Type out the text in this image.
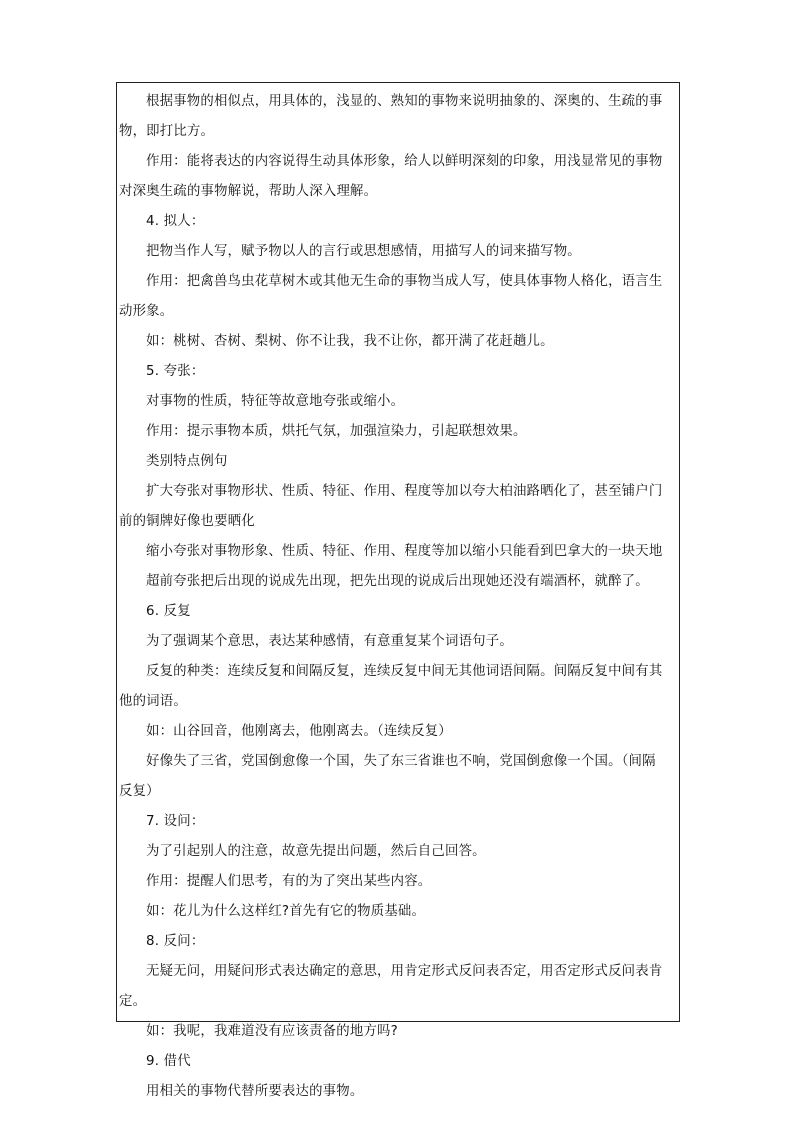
根据事物的相似点，用具体的，浅显的、熟知的事物来说明抽象的、深奥的、生疏的事
物，即打比方。
作用：能将表达的内容说得生动具体形象，给人以鲜明深刻的印象，用浅显常见的事物
对深奥生疏的事物解说，帮助人深入理解。
4. 拟人：
把物当作人写，赋予物以人的言行或思想感情，用描写人的词来描写物。
作用：把禽兽鸟虫花草树木或其他无生命的事物当成人写，使具体事物人格化，语言生
动形象。
如：桃树、杏树、梨树、你不让我，我不让你，都开满了花赶趟儿。
5. 夸张：
对事物的性质，特征等故意地夸张或缩小。
作用：提示事物本质，烘托气氛，加强渲染力，引起联想效果。
类别特点例句
扩大夸张对事物形状、性质、特征、作用、程度等加以夸大柏油路晒化了，甚至铺户门
前的铜牌好像也要晒化
缩小夸张对事物形象、性质、特征、作用、程度等加以缩小只能看到巴拿大的一块天地
超前夸张把后出现的说成先出现，把先出现的说成后出现她还没有端酒杯，就醉了。
6. 反复
为了强调某个意思，表达某种感情，有意重复某个词语句子。
反复的种类：连续反复和间隔反复，连续反复中间无其他词语间隔。间隔反复中间有其
他的词语。
如：山谷回音，他刚离去，他刚离去。（连续反复）
好像失了三省，党国倒愈像一个国，失了东三省谁也不响，党国倒愈像一个国。（间隔
反复）
7. 设问：
为了引起别人的注意，故意先提出问题，然后自己回答。
作用：提醒人们思考，有的为了突出某些内容。
如：花儿为什么这样红?首先有它的物质基础。
8. 反问：
无疑无问，用疑问形式表达确定的意思，用肯定形式反问表否定，用否定形式反问表肯
定。
如：我呢，我难道没有应该责备的地方吗?
9. 借代
用相关的事物代替所要表达的事物。
